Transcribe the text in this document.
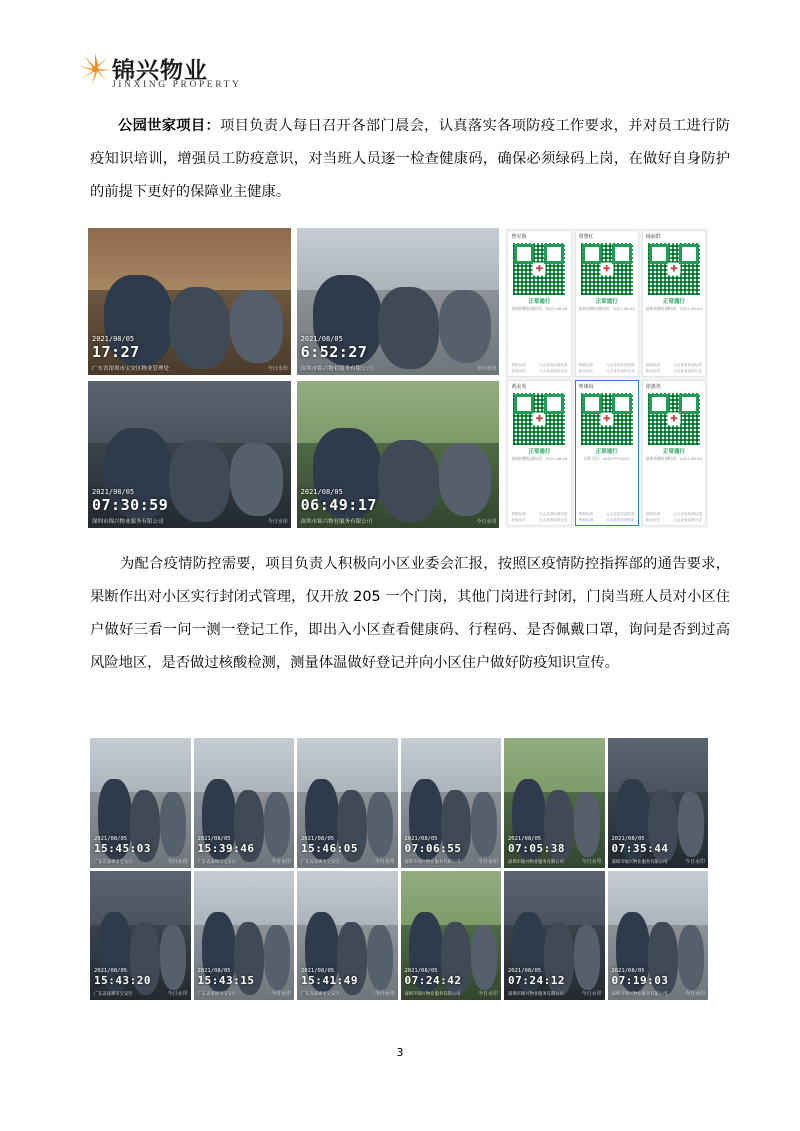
锦兴物业
JINXING PROPERTY
公园世家项目：项目负责人每日召开各部门晨会，认真落实各项防疫工作要求，并对员工进行防疫知识培训，增强员工防疫意识，对当班人员逐一检查健康码，确保必须绿码上岗，在做好自身防护的前提下更好的保障业主健康。
2021/08/05
17:27
广东省深圳市宝安区物业管理处	今日水印
2021/08/05
6:52:27
深圳市锦兴物业服务有限公司	今日水印
曾军海
✚
正常通行
最新核酸检测时间：2021-08-04
核酸检测	点击查看检测结果
新冠疫苗	点击查看接种记录
覃慧红
✚
正常通行
最新核酸检测时间：2021-08-04
核酸检测	点击查看检测结果
新冠疫苗	点击查看接种记录
杨丽群
✚
正常通行
最新核酸检测时间：2021-08-04
核酸检测	点击查看检测结果
新冠疫苗	点击查看接种记录
黄美英
✚
正常通行
最新核酸检测时间：2021-08-04
核酸检测	点击查看检测结果
新冠疫苗	点击查看接种记录
粤康码
✚
正常通行
证件号码：4451****2015
核酸检测	点击查看检测结果
核酸检测	点击查看检测结果
徐惠英
✚
正常通行
最新核酸检测时间：2021-08-04
核酸检测	点击查看检测结果
新冠疫苗	点击查看接种记录
2021/08/05
07:30:59
深圳市锦兴物业服务有限公司	今日水印
2021/08/05
06:49:17
深圳市锦兴物业服务有限公司	今日水印
为配合疫情防控需要，项目负责人积极向小区业委会汇报，按照区疫情防控指挥部的通告要求，果断作出对小区实行封闭式管理，仅开放 205 一个门岗，其他门岗进行封闭，门岗当班人员对小区住户做好三看一问一测一登记工作，即出入小区查看健康码、行程码、是否佩戴口罩，询问是否到过高风险地区，是否做过核酸检测，测量体温做好登记并向小区住户做好防疫知识宣传。
2021/08/05
15:45:03
广东省深圳市宝安区	今日水印
2021/08/05
15:39:46
广东省深圳市宝安区	今日水印
2021/08/05
15:46:05
广东省深圳市宝安区	今日水印
2021/08/05
07:06:55
深圳市锦兴物业服务有限公司	今日水印
2021/08/05
07:05:38
深圳市锦兴物业服务有限公司	今日水印
2021/08/05
07:35:44
深圳市锦兴物业服务有限公司	今日水印
2021/08/05
15:43:20
广东省深圳市宝安区	今日水印
2021/08/05
15:43:15
广东省深圳市宝安区	今日水印
2021/08/05
15:41:49
广东省深圳市宝安区	今日水印
2021/08/05
07:24:42
深圳市锦兴物业服务有限公司	今日水印
2021/08/05
07:24:12
深圳市锦兴物业服务有限公司	今日水印
2021/08/05
07:19:03
深圳市锦兴物业服务有限公司	今日水印
3
